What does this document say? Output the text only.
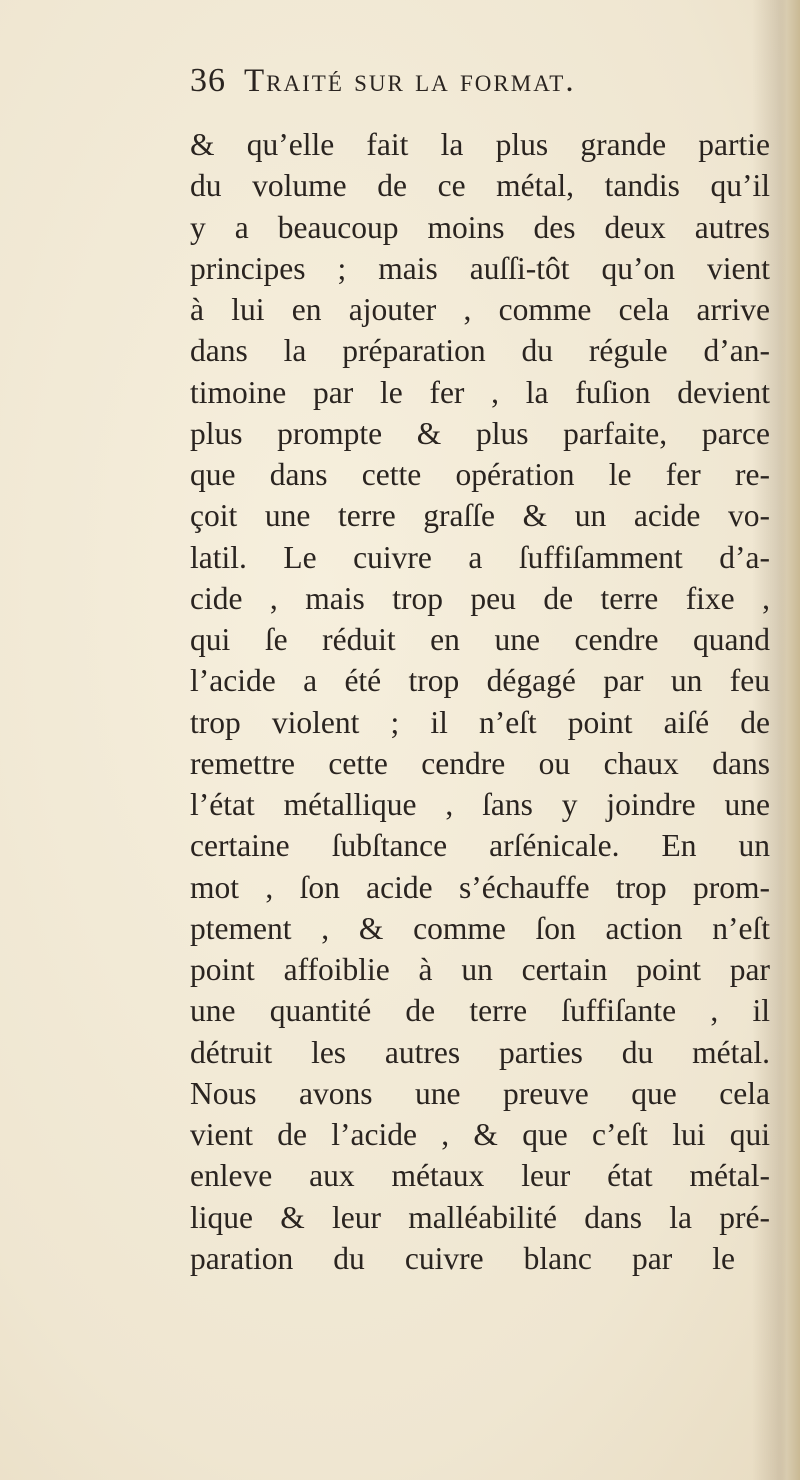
36 Traité sur la format.
& qu’elle fait la plus grande partie
du volume de ce métal, tandis qu’il
y a beaucoup moins des deux autres
principes ; mais auſſi-tôt qu’on vient
à lui en ajouter , comme cela arrive
dans la préparation du régule d’an-
timoine par le fer , la fuſion devient
plus prompte & plus parfaite, parce
que dans cette opération le fer re-
çoit une terre graſſe & un acide vo-
latil. Le cuivre a ſuffiſamment d’a-
cide , mais trop peu de terre fixe ,
qui ſe réduit en une cendre quand
l’acide a été trop dégagé par un feu
trop violent ; il n’eſt point aiſé de
remettre cette cendre ou chaux dans
l’état métallique , ſans y joindre une
certaine ſubſtance arſénicale. En un
mot , ſon acide s’échauffe trop prom-
ptement , & comme ſon action n’eſt
point affoiblie à un certain point par
une quantité de terre ſuffiſante , il
détruit les autres parties du métal.
Nous avons une preuve que cela
vient de l’acide , & que c’eſt lui qui
enleve aux métaux leur état métal-
lique & leur malléabilité dans la pré-
paration du cuivre blanc par le
